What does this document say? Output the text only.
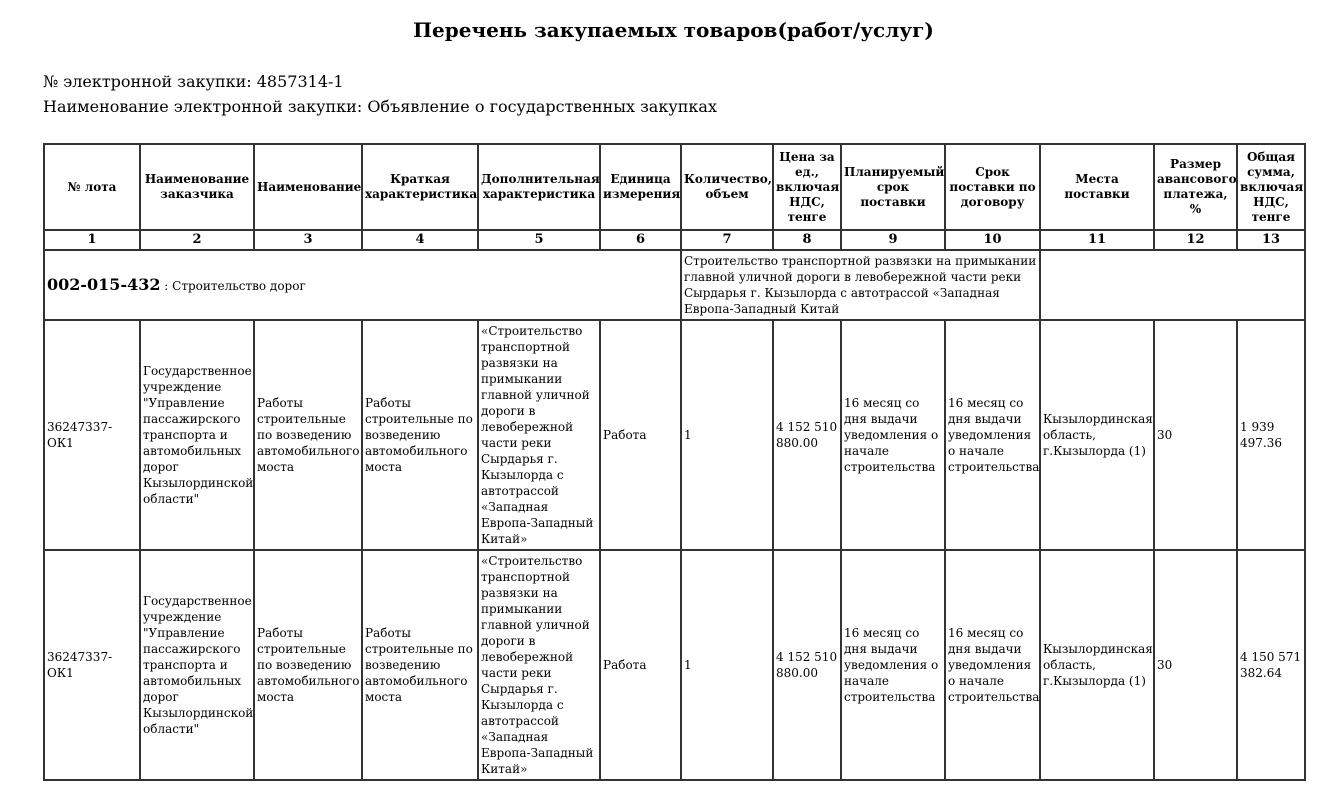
Перечень закупаемых товаров(работ/услуг)
№ электронной закупки: 4857314-1
Наименование электронной закупки: Объявление о государственных закупках
№ лота	Наименование заказчика	Наименование	Краткая характеристика	Дополнительная характеристика	Единица измерения	Количество, объем	Цена за ед., включая НДС, тенге	Планируемый срок поставки	Срок поставки по договору	Места поставки	Размер авансового платежа, %	Общая сумма, включая НДС, тенге
1	2	3	4	5	6	7	8	9	10	11	12	13
002-015-432 : Строительство дорог						Строительство транспортной развязки на примыкании главной уличной дороги в левобережной части реки Сырдарья г. Кызылорда с автотрассой «Западная Европа-Западный Китай						
36247337-ОК1	Государственное учреждение "Управление пассажирского транспорта и автомобильных дорог Кызылординской области"	Работы строительные по возведению автомобильного моста	Работы строительные по возведению автомобильного моста	«Строительство транспортной развязки на примыкании главной уличной дороги в левобережной части реки Сырдарья г. Кызылорда с автотрассой «Западная Европа-Западный Китай»	Работа	1	4 152 510 880.00	16 месяц со дня выдачи уведомления о начале строительства	16 месяц со дня выдачи уведомления о начале строительства	Кызылординская область, г.Кызылорда (1)	30	1 939 497.36
36247337-ОК1	Государственное учреждение "Управление пассажирского транспорта и автомобильных дорог Кызылординской области"	Работы строительные по возведению автомобильного моста	Работы строительные по возведению автомобильного моста	«Строительство транспортной развязки на примыкании главной уличной дороги в левобережной части реки Сырдарья г. Кызылорда с автотрассой «Западная Европа-Западный Китай»	Работа	1	4 152 510 880.00	16 месяц со дня выдачи уведомления о начале строительства	16 месяц со дня выдачи уведомления о начале строительства	Кызылординская область, г.Кызылорда (1)	30	4 150 571 382.64
